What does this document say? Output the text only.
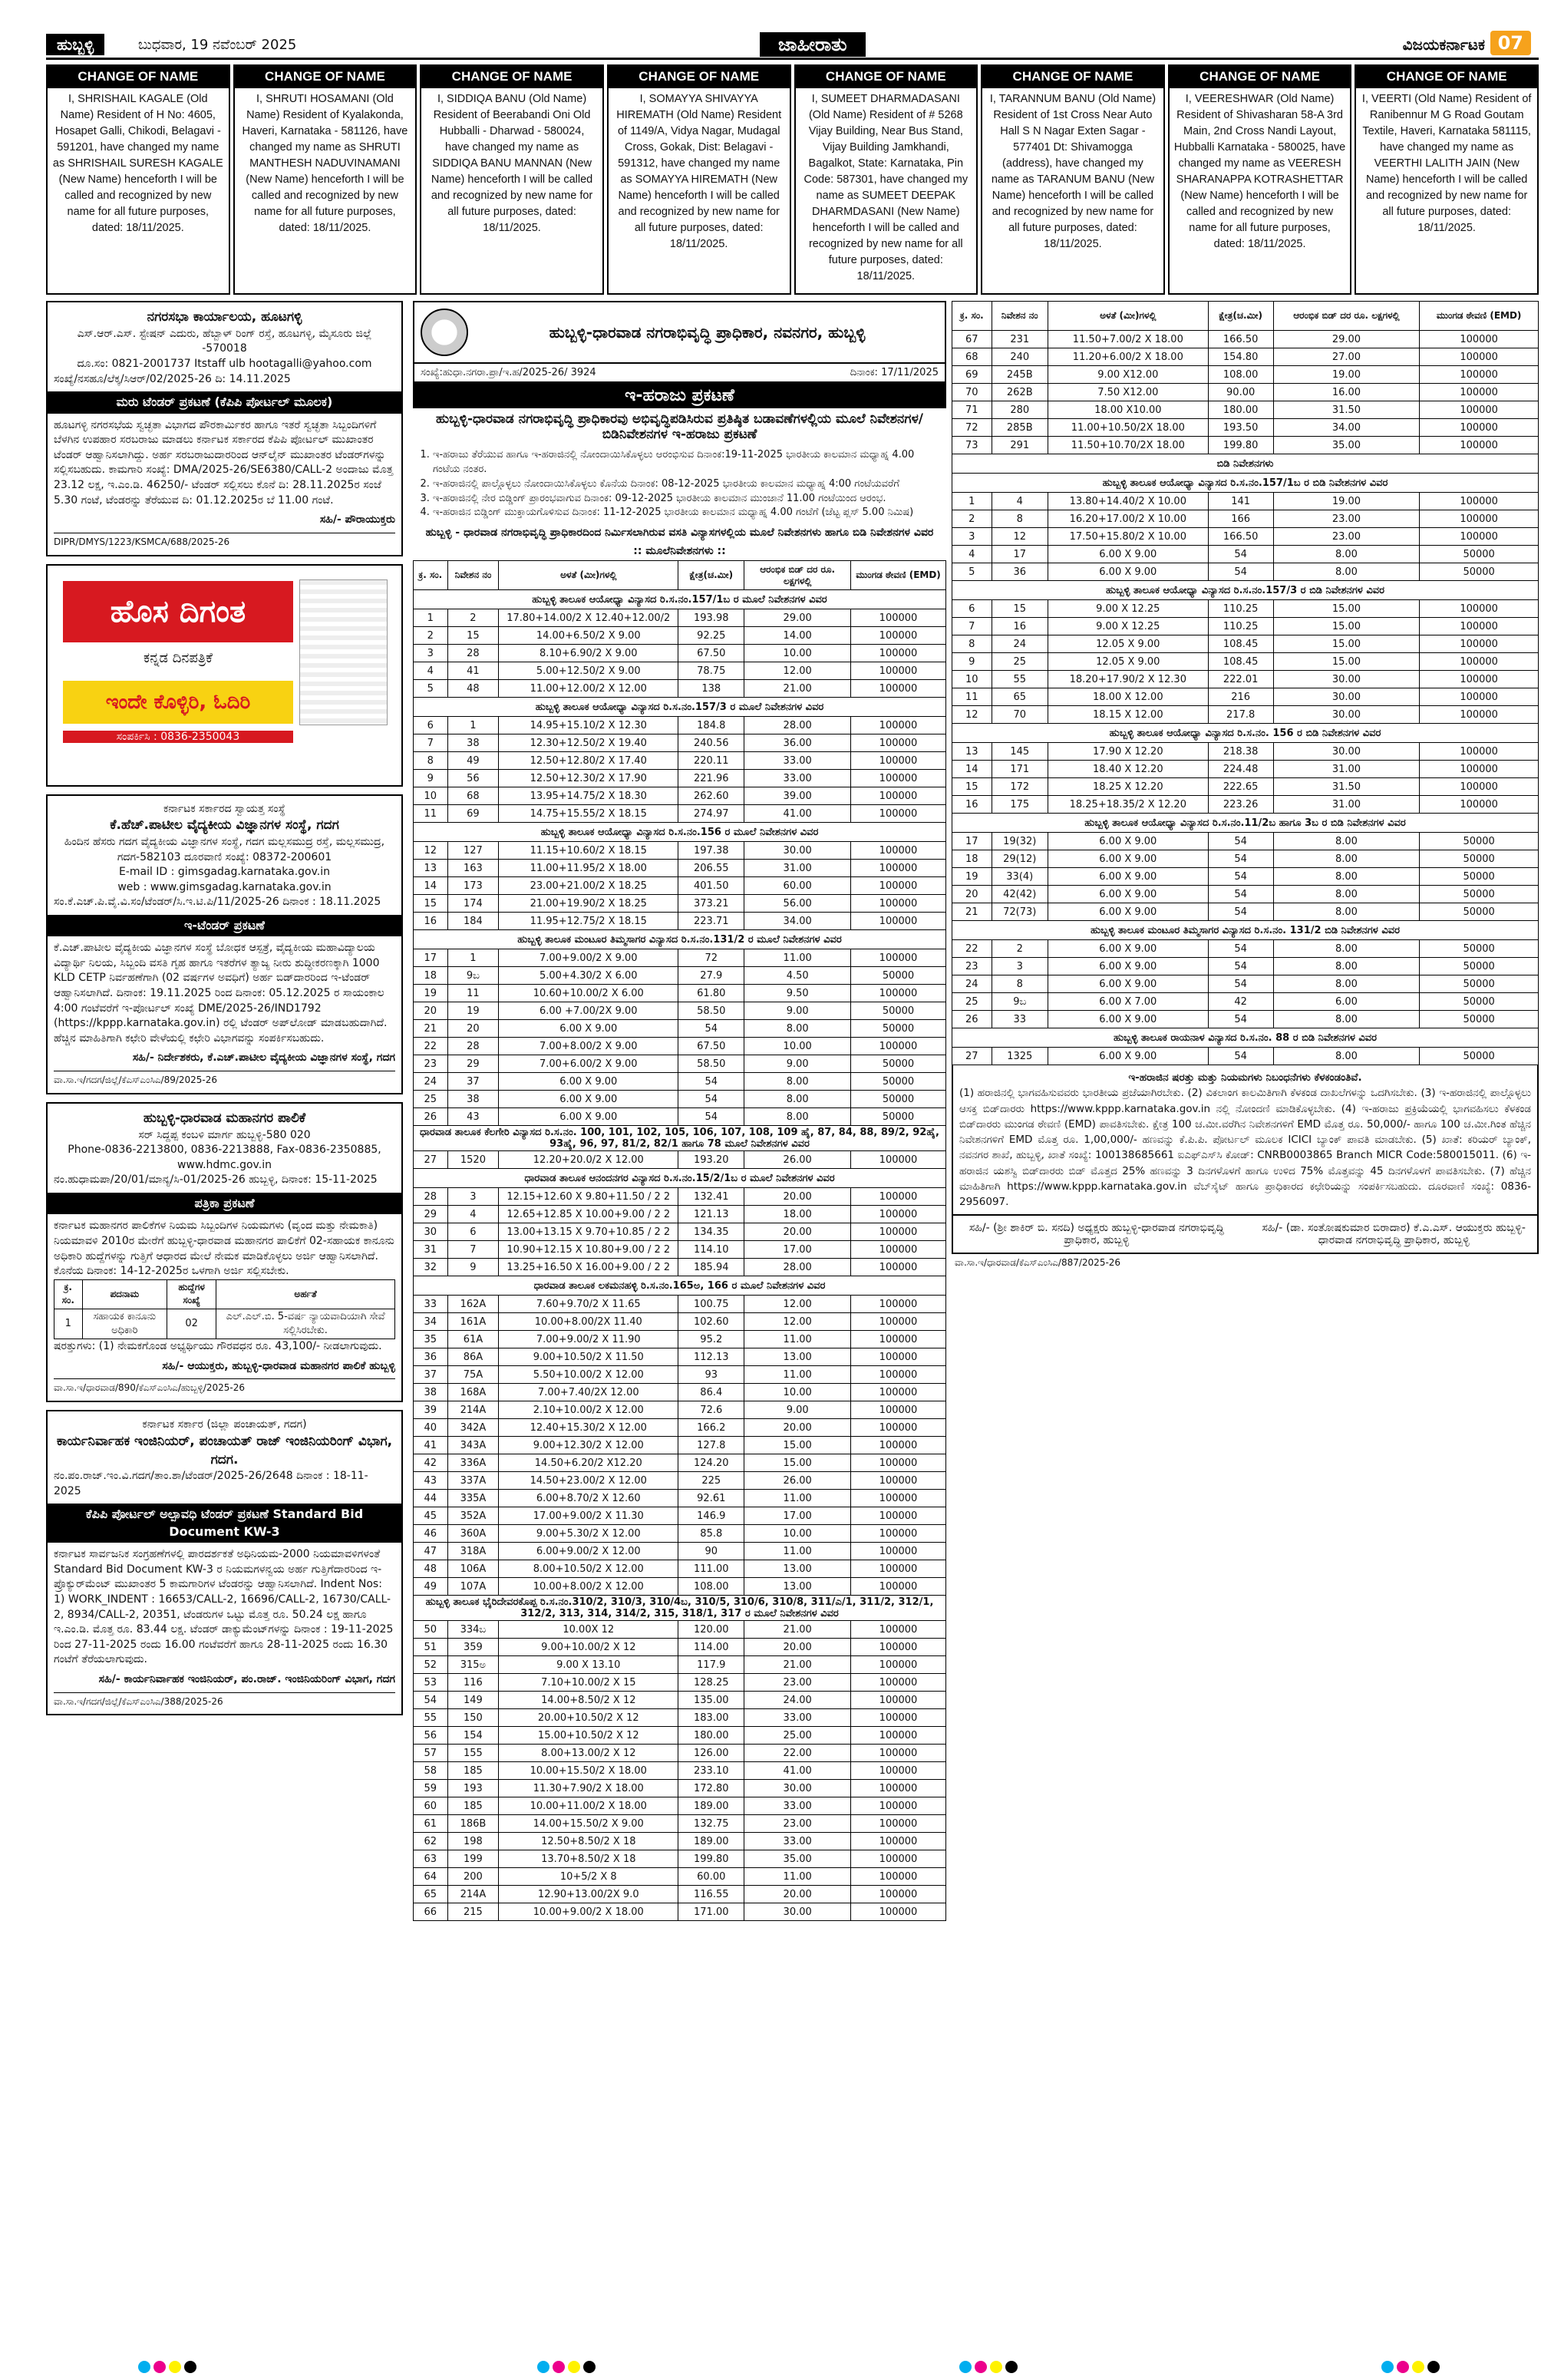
ಹುಬ್ಬಳ್ಳಿ	ಬುಧವಾರ, 19 ನವೆಂಬರ್ 2025	ಜಾಹೀರಾತು	ವಿಜಯಕರ್ನಾಟಕ 07
CHANGE OF NAME

I, SHRISHAIL KAGALE (Old Name) Resident of H No: 4605, Hosapet Galli, Chikodi, Belagavi - 591201, have changed my name as SHRISHAIL SURESH KAGALE (New Name) henceforth I will be called and recognized by new name for all future purposes, dated: 18/11/2025.

CHANGE OF NAME

I, SHRUTI HOSAMANI (Old Name) Resident of Kyalakonda, Haveri, Karnataka - 581126, have changed my name as SHRUTI MANTHESH NADUVINAMANI (New Name) henceforth I will be called and recognized by new name for all future purposes, dated: 18/11/2025.

CHANGE OF NAME

I, SIDDIQA BANU (Old Name) Resident of Beerabandi Oni Old Hubballi - Dharwad - 580024, have changed my name as SIDDIQA BANU MANNAN (New Name) henceforth I will be called and recognized by new name for all future purposes, dated: 18/11/2025.

CHANGE OF NAME

I, SOMAYYA SHIVAYYA HIREMATH (Old Name) Resident of 1149/A, Vidya Nagar, Mudagal Cross, Gokak, Dist: Belagavi - 591312, have changed my name as SOMAYYA HIREMATH (New Name) henceforth I will be called and recognized by new name for all future purposes, dated: 18/11/2025.

CHANGE OF NAME

I, SUMEET DHARMADASANI (Old Name) Resident of # 5268 Vijay Building, Near Bus Stand, Vijay Building Jamkhandi, Bagalkot, State: Karnataka, Pin Code: 587301, have changed my name as SUMEET DEEPAK DHARMDASANI (New Name) henceforth I will be called and recognized by new name for all future purposes, dated: 18/11/2025.

CHANGE OF NAME

I, TARANNUM BANU (Old Name) Resident of 1st Cross Near Auto Hall S N Nagar Exten Sagar - 577401 Dt: Shivamogga (address), have changed my name as TARANUM BANU (New Name) henceforth I will be called and recognized by new name for all future purposes, dated: 18/11/2025.

CHANGE OF NAME

I, VEERESHWAR (Old Name) Resident of Shivasharan 58-A 3rd Main, 2nd Cross Nandi Layout, Hubballi Karnataka - 580025, have changed my name as VEERESH SHARANAPPA KOTRASHETTAR (New Name) henceforth I will be called and recognized by new name for all future purposes, dated: 18/11/2025.

CHANGE OF NAME

I, VEERTI (Old Name) Resident of Ranibennur M G Road Goutam Textile, Haveri, Karnataka 581115, have changed my name as VEERTHI LALITH JAIN (New Name) henceforth I will be called and recognized by new name for all future purposes, dated: 18/11/2025.

ನಗರಸಭಾ ಕಾರ್ಯಾಲಯ, ಹೂಟಗಳ್ಳಿ

ಎಸ್.ಆರ್.ಎಸ್. ಸ್ಟೇಷನ್ ಎದುರು, ಹೆಬ್ಬಾಳ್ ರಿಂಗ್ ರಸ್ತೆ, ಹೂಟಗಳ್ಳಿ, ಮೈಸೂರು ಜಿಲ್ಲೆ -570018

ದೂ.ಸಂ: 0821-2001737 Itstaff ulb hootagalli@yahoo.com

ಸಂಖ್ಯೆ/ನಸಹೂ/ಲೆಕ್ಕ/ಸಿಆರ್/02/2025-26 ದಿ: 14.11.2025

ಮರು ಟೆಂಡರ್ ಪ್ರಕಟಣೆ (ಕೆಪಿಪಿ ಪೋರ್ಟಲ್ ಮೂಲಕ)

ಹೂಟಗಳ್ಳಿ ನಗರಸಭೆಯ ಸ್ವಚ್ಛತಾ ವಿಭಾಗದ ಪೌರಕಾರ್ಮಿಕರ ಹಾಗೂ ಇತರೆ ಸ್ವಚ್ಛತಾ ಸಿಬ್ಬಂದಿಗಳಿಗೆ ಬೆಳಗಿನ ಉಪಹಾರ ಸರಬರಾಜು ಮಾಡಲು ಕರ್ನಾಟಕ ಸರ್ಕಾರದ ಕೆಪಿಪಿ ಪೋರ್ಟಲ್ ಮುಖಾಂತರ ಟೆಂಡರ್ ಆಹ್ವಾನಿಸಲಾಗಿದ್ದು. ಅರ್ಹ ಸರಬರಾಜುದಾರರಿಂದ ಆನ್‌ಲೈನ್ ಮುಖಾಂತರ ಟೆಂಡರ್‌ಗಳನ್ನು ಸಲ್ಲಿಸಬಹುದು. ಕಾಮಗಾರಿ ಸಂಖ್ಯೆ: DMA/2025-26/SE6380/CALL-2 ಅಂದಾಜು ಮೊತ್ತ 23.12 ಲಕ್ಷ, ಇ.ಎಂ.ಡಿ. 46250/- ಟೆಂಡರ್ ಸಲ್ಲಿಸಲು ಕೊನೆ ದಿ: 28.11.2025ರ ಸಂಜೆ 5.30 ಗಂಟೆ, ಟೆಂಡರನ್ನು ತೆರೆಯುವ ದಿ: 01.12.2025ರ ಬೆ 11.00 ಗಂಟೆ.

ಸಹಿ/- ಪೌರಾಯುಕ್ತರು

DIPR/DMYS/1223/KSMCA/688/2025-26

ಹೊಸ ದಿಗಂತ
ಕನ್ನಡ ದಿನಪತ್ರಿಕೆ
ಇಂದೇ ಕೊಳ್ಳಿರಿ, ಓದಿರಿ
ಸಂಪರ್ಕಿಸಿ : 0836-2350043

ಕರ್ನಾಟಕ ಸರ್ಕಾರದ ಸ್ವಾಯತ್ತ ಸಂಸ್ಥೆ

ಕೆ.ಹೆಚ್.ಪಾಟೀಲ ವೈದ್ಯಕೀಯ ವಿಜ್ಞಾನಗಳ ಸಂಸ್ಥೆ, ಗದಗ

ಹಿಂದಿನ ಹೆಸರು ಗದಗ ವೈದ್ಯಕೀಯ ವಿಜ್ಞಾನಗಳ ಸಂಸ್ಥೆ, ಗದಗ ಮಲ್ಲಸಮುದ್ರ ರಸ್ತೆ, ಮಲ್ಲಸಮುದ್ರ, ಗದಗ-582103 ದೂರವಾಣಿ ಸಂಖ್ಯೆ: 08372-200601

E-mail ID : gimsgadag.karnataka.gov.in

web : www.gimsgadag.karnataka.gov.in

ಸಂ.ಕೆ.ಎಚ್.ಪಿ.ವೈ.ವಿ.ಸಂ/ಟೆಂಡರ್/ಸಿ.ಇ.ಟಿ.ಪಿ/11/2025-26 ದಿನಾಂಕ : 18.11.2025

ಇ-ಟೆಂಡರ್ ಪ್ರಕಟಣೆ

ಕೆ.ಎಚ್.ಪಾಟೀಲ ವೈದ್ಯಕೀಯ ವಿಜ್ಞಾನಗಳ ಸಂಸ್ಥೆ ಬೋಧಕ ಆಸ್ಪತ್ರೆ, ವೈದ್ಯಕೀಯ ಮಹಾವಿದ್ಯಾಲಯ ವಿದ್ಯಾರ್ಥಿ ನಿಲಯ, ಸಿಬ್ಬಂದಿ ವಸತಿ ಗೃಹ ಹಾಗೂ ಇತರೆಗಳ ತ್ಯಾಜ್ಯ ನೀರು ಶುದ್ಧೀಕರಣಕ್ಕಾಗಿ 1000 KLD CETP ನಿರ್ವಹಣೆಗಾಗಿ (02 ವರ್ಷಗಳ ಅವಧಿಗೆ) ಅರ್ಹ ಬಿಡ್‌ದಾರರಿಂದ ಇ-ಟೆಂಡರ್ ಆಹ್ವಾನಿಸಲಾಗಿದೆ. ದಿನಾಂಕ: 19.11.2025 ರಿಂದ ದಿನಾಂಕ: 05.12.2025 ರ ಸಾಯಂಕಾಲ 4:00 ಗಂಟೆವರೆಗೆ ಇ-ಪೋರ್ಟಲ್ ಸಂಖ್ಯೆ DME/2025-26/IND1792 (https://kppp.karnataka.gov.in) ರಲ್ಲಿ ಟೆಂಡರ್ ಅಪ್‌ಲೋಡ್ ಮಾಡಬಹುದಾಗಿದೆ. ಹೆಚ್ಚಿನ ಮಾಹಿತಿಗಾಗಿ ಕಛೇರಿ ವೇಳೆಯಲ್ಲಿ ಕಛೇರಿ ವಿಭಾಗವನ್ನು ಸಂಪರ್ಕಿಸಬಹುದು.

ಸಹಿ/- ನಿರ್ದೇಶಕರು, ಕೆ.ಎಚ್.ಪಾಟೀಲ ವೈದ್ಯಕೀಯ ವಿಜ್ಞಾನಗಳ ಸಂಸ್ಥೆ, ಗದಗ

ವಾ.ಸಾ.ಇ/ಗದಗ/ಜಿಲ್ಲೆ/ಕೆಎಸ್ಎಂಸಿಎ/89/2025-26

ಹುಬ್ಬಳ್ಳಿ-ಧಾರವಾಡ ಮಹಾನಗರ ಪಾಲಿಕೆ

ಸರ್ ಸಿದ್ದಪ್ಪ ಕಂಬಳಿ ಮಾರ್ಗ ಹುಬ್ಬಳ್ಳಿ-580 020

Phone-0836-2213800, 0836-2213888, Fax-0836-2350885, www.hdmc.gov.in

ನಂ.ಹುಧಾಮಪಾ/20/01/ಮಾನ್ಯ/ಸಿ-01/2025-26 ಹುಬ್ಬಳ್ಳಿ, ದಿನಾಂಕ: 15-11-2025

ಪತ್ರಿಕಾ ಪ್ರಕಟಣೆ

ಕರ್ನಾಟಕ ಮಹಾನಗರ ಪಾಲಿಕೆಗಳ ನಿಯಮ ಸಿಬ್ಬಂದಿಗಳ ನಿಯಮಗಳು (ವೃಂದ ಮತ್ತು ನೇಮಕಾತಿ) ನಿಯಮಾವಳಿ 2010ರ ಮೇರೆಗೆ ಹುಬ್ಬಳ್ಳಿ-ಧಾರವಾಡ ಮಹಾನಗರ ಪಾಲಿಕೆಗೆ 02-ಸಹಾಯಕ ಕಾನೂನು ಅಧಿಕಾರಿ ಹುದ್ದೆಗಳನ್ನು ಗುತ್ತಿಗೆ ಆಧಾರದ ಮೇಲೆ ನೇಮಕ ಮಾಡಿಕೊಳ್ಳಲು ಅರ್ಜಿ ಆಹ್ವಾನಿಸಲಾಗಿದೆ. ಕೊನೆಯ ದಿನಾಂಕ: 14-12-2025ರ ಒಳಗಾಗಿ ಅರ್ಜಿ ಸಲ್ಲಿಸಬೇಕು.

ಕ್ರ. ಸಂ.	ಪದನಾಮ	ಹುದ್ದೆಗಳ ಸಂಖ್ಯೆ	ಅರ್ಹತೆ
1	ಸಹಾಯಕ ಕಾನೂನು ಅಧಿಕಾರಿ	02	ಎಲ್.ಎಲ್.ಬಿ. 5-ವರ್ಷ ನ್ಯಾಯವಾದಿಯಾಗಿ ಸೇವೆ ಸಲ್ಲಿಸಿರಬೇಕು.

ಷರತ್ತುಗಳು: (1) ನೇಮಕಗೊಂಡ ಅಭ್ಯರ್ಥಿಯು ಗೌರವಧನ ರೂ. 43,100/- ನೀಡಲಾಗುವುದು.

ಸಹಿ/- ಆಯುಕ್ತರು, ಹುಬ್ಬಳ್ಳಿ-ಧಾರವಾಡ ಮಹಾನಗರ ಪಾಲಿಕೆ ಹುಬ್ಬಳ್ಳಿ

ವಾ.ಸಾ.ಇ/ಧಾರವಾಡ/890/ಕೆಎಸ್ಎಂಸಿಎ/ಹುಬ್ಬಳ್ಳಿ/2025-26

ಕರ್ನಾಟಕ ಸರ್ಕಾರ (ಜಿಲ್ಲಾ ಪಂಚಾಯತ್, ಗದಗ)

ಕಾರ್ಯನಿರ್ವಾಹಕ ಇಂಜಿನಿಯರ್, ಪಂಚಾಯತ್ ರಾಜ್ ಇಂಜಿನಿಯರಿಂಗ್ ವಿಭಾಗ, ಗದಗ.

ನಂ.ಪಂ.ರಾಜ್.ಇಂ.ವಿ.ಗದಗ/ತಾಂ.ಶಾ/ಟೆಂಡರ್/2025-26/2648 ದಿನಾಂಕ : 18-11-2025

ಕೆಪಿಪಿ ಪೋರ್ಟಲ್ ಅಲ್ಪಾವಧಿ ಟೆಂಡರ್ ಪ್ರಕಟಣೆ Standard Bid Document KW-3

ಕರ್ನಾಟಕ ಸಾರ್ವಜನಿಕ ಸಂಗ್ರಹಣೆಗಳಲ್ಲಿ ಪಾರದರ್ಶಕತೆ ಅಧಿನಿಯಮ-2000 ನಿಯಮಾವಳಿಗಳಂತೆ Standard Bid Document KW-3 ರ ನಿಯಮಗಳನ್ವಯ ಅರ್ಹ ಗುತ್ತಿಗೆದಾರರಿಂದ ಇ-ಪ್ರೊಕ್ಯುರ್‌ಮೆಂಟ್ ಮುಖಾಂತರ 5 ಕಾಮಗಾರಿಗಳ ಟೆಂಡರನ್ನು ಆಹ್ವಾನಿಸಲಾಗಿದೆ. Indent Nos: 1) WORK_INDENT : 16653/CALL-2, 16696/CALL-2, 16730/CALL-2, 8934/CALL-2, 20351, ಟೆಂಡರುಗಳ ಒಟ್ಟು ಮೊತ್ತ ರೂ. 50.24 ಲಕ್ಷ ಹಾಗೂ ಇ.ಎಂ.ಡಿ. ಮೊತ್ತ ರೂ. 83.44 ಲಕ್ಷ. ಟೆಂಡರ್ ಡಾಕ್ಯುಮೆಂಟ್‌ಗಳನ್ನು ದಿನಾಂಕ : 19-11-2025 ರಿಂದ 27-11-2025 ರಂದು 16.00 ಗಂಟೆವರೆಗೆ ಹಾಗೂ 28-11-2025 ರಂದು 16.30 ಗಂಟೆಗೆ ತೆರೆಯಲಾಗುವುದು.

ಸಹಿ/- ಕಾರ್ಯನಿರ್ವಾಹಕ ಇಂಜಿನಿಯರ್, ಪಂ.ರಾಜ್. ಇಂಜಿನಿಯರಿಂಗ್ ವಿಭಾಗ, ಗದಗ

ವಾ.ಸಾ.ಇ/ಗದಗ/ಜಿಲ್ಲೆ/ಕೆಎಸ್ಎಂಸಿಎ/388/2025-26

ಹುಬ್ಬಳ್ಳಿ-ಧಾರವಾಡ ನಗರಾಭಿವೃದ್ಧಿ ಪ್ರಾಧಿಕಾರ, ನವನಗರ, ಹುಬ್ಬಳ್ಳಿ
ಸಂಖ್ಯೆ:ಹುಧಾ.ನಗರಾ.ಪ್ರಾ/ಇ.ಹ/2025-26/ 3924	ದಿನಾಂಕ: 17/11/2025
ಇ-ಹರಾಜು ಪ್ರಕಟಣೆ
ಹುಬ್ಬಳ್ಳಿ-ಧಾರವಾಡ ನಗರಾಭಿವೃದ್ಧಿ ಪ್ರಾಧಿಕಾರವು ಅಭಿವೃದ್ಧಿಪಡಿಸಿರುವ ಪ್ರತಿಷ್ಠಿತ ಬಡಾವಣೆಗಳಲ್ಲಿಯ ಮೂಲೆ ನಿವೇಶನಗಳ/ಬಿಡಿನಿವೇಶನಗಳ ಇ-ಹರಾಜು ಪ್ರಕಟಣೆ
1. ಇ-ಹರಾಜು ತೆರೆಯುವ ಹಾಗೂ ಇ-ಹರಾಜಿನಲ್ಲಿ ನೋಂದಾಯಿಸಿಕೊಳ್ಳಲು ಆರಂಭಿಸುವ ದಿನಾಂಕ:19-11-2025 ಭಾರತೀಯ ಕಾಲಮಾನ ಮಧ್ಯಾಹ್ನ 4.00 ಗಂಟೆಯ ನಂತರ.
2. ಇ-ಹರಾಜಿನಲ್ಲಿ ಪಾಲ್ಗೊಳ್ಳಲು ನೋಂದಾಯಿಸಿಕೊಳ್ಳಲು ಕೊನೆಯ ದಿನಾಂಕ: 08-12-2025 ಭಾರತೀಯ ಕಾಲಮಾನ ಮಧ್ಯಾಹ್ನ 4:00 ಗಂಟೆಯವರೆಗೆ
3. ಇ-ಹರಾಜಿನಲ್ಲಿ ನೇರ ಬಿಡ್ಡಿಂಗ್ ಪ್ರಾರಂಭವಾಗುವ ದಿನಾಂಕ: 09-12-2025 ಭಾರತೀಯ ಕಾಲಮಾನ ಮುಂಜಾನೆ 11.00 ಗಂಟೆಯಿಂದ ಆರಂಭ.
4. ಇ-ಹರಾಜಿನ ಬಿಡ್ಡಿಂಗ್ ಮುಕ್ತಾಯಗೊಳಿಸುವ ದಿನಾಂಕ: 11-12-2025 ಭಾರತೀಯ ಕಾಲಮಾನ ಮಧ್ಯಾಹ್ನ 4.00 ಗಂಟೆಗೆ (ಜೆಟ್ಟ ಪ್ಲಸ್ 5.00 ನಿಮಿಷ)
ಹುಬ್ಬಳ್ಳಿ - ಧಾರವಾಡ ನಗರಾಭಿವೃದ್ಧಿ ಪ್ರಾಧಿಕಾರದಿಂದ ನಿರ್ಮಿಸಲಾಗಿರುವ ವಸತಿ ವಿನ್ಯಾಸಗಳಲ್ಲಿಯ ಮೂಲೆ ನಿವೇಶನಗಳು ಹಾಗೂ ಬಿಡಿ ನಿವೇಶನಗಳ ವಿವರ
:: ಮೂಲೆನಿವೇಶನಗಳು ::
ಕ್ರ. ಸಂ.	ನಿವೇಶನ ನಂ	ಅಳತೆ (ಮೀ)ಗಳಲ್ಲಿ	ಕ್ಷೇತ್ರ(ಚ.ಮೀ)	ಆರಂಭಿಕ ಬಿಡ್ ದರ ರೂ. ಲಕ್ಷಗಳಲ್ಲಿ	ಮುಂಗಡ ಠೇವಣಿ (EMD)
ಹುಬ್ಬಳ್ಳಿ ತಾಲೂಕ ಆಯೋಧ್ಯಾ ವಿನ್ಯಾಸದ ರಿ.ಸ.ನಂ.157/1ಬ ರ ಮೂಲೆ ನಿವೇಶನಗಳ ವಿವರ					
1	2	17.80+14.00/2 X 12.40+12.00/2	193.98	29.00	100000
2	15	14.00+6.50/2 X 9.00	92.25	14.00	100000
3	28	8.10+6.90/2 X 9.00	67.50	10.00	100000
4	41	5.00+12.50/2 X 9.00	78.75	12.00	100000
5	48	11.00+12.00/2 X 12.00	138	21.00	100000
ಹುಬ್ಬಳ್ಳಿ ತಾಲೂಕ ಆಯೋಧ್ಯಾ ವಿನ್ಯಾಸದ ರಿ.ಸ.ನಂ.157/3 ರ ಮೂಲೆ ನಿವೇಶನಗಳ ವಿವರ					
6	1	14.95+15.10/2 X 12.30	184.8	28.00	100000
7	38	12.30+12.50/2 X 19.40	240.56	36.00	100000
8	49	12.50+12.80/2 X 17.40	220.11	33.00	100000
9	56	12.50+12.30/2 X 17.90	221.96	33.00	100000
10	68	13.95+14.75/2 X 18.30	262.60	39.00	100000
11	69	14.75+15.55/2 X 18.15	274.97	41.00	100000
ಹುಬ್ಬಳ್ಳಿ ತಾಲೂಕ ಆಯೋಧ್ಯಾ ವಿನ್ಯಾಸದ ರಿ.ಸ.ನಂ.156 ರ ಮೂಲೆ ನಿವೇಶನಗಳ ವಿವರ					
12	127	11.15+10.60/2 X 18.15	197.38	30.00	100000
13	163	11.00+11.95/2 X 18.00	206.55	31.00	100000
14	173	23.00+21.00/2 X 18.25	401.50	60.00	100000
15	174	21.00+19.90/2 X 18.25	373.21	56.00	100000
16	184	11.95+12.75/2 X 18.15	223.71	34.00	100000
ಹುಬ್ಬಳ್ಳಿ ತಾಲೂಕ ಮಂಟೂರ ತಿಮ್ಮಸಾಗರ ವಿನ್ಯಾಸದ ರಿ.ಸ.ನಂ.131/2 ರ ಮೂಲೆ ನಿವೇಶನಗಳ ವಿವರ					
17	1	7.00+9.00/2 X 9.00	72	11.00	100000
18	9ಬ	5.00+4.30/2 X 6.00	27.9	4.50	50000
19	11	10.60+10.00/2 X 6.00	61.80	9.50	100000
20	19	6.00 +7.00/2X 9.00	58.50	9.00	50000
21	20	6.00 X 9.00	54	8.00	50000
22	28	7.00+8.00/2 X 9.00	67.50	10.00	100000
23	29	7.00+6.00/2 X 9.00	58.50	9.00	50000
24	37	6.00 X 9.00	54	8.00	50000
25	38	6.00 X 9.00	54	8.00	50000
26	43	6.00 X 9.00	54	8.00	50000
ಧಾರವಾಡ ತಾಲೂಕ ಕೆಲಗೇರಿ ವಿನ್ಯಾಸದ ರಿ.ಸ.ನಂ. 100, 101, 102, 105, 106, 107, 108, 109 ಹೈ, 87, 84, 88, 89/2, 92ಹೈ, 93ಹೈ, 96, 97, 81/2, 82/1 ಹಾಗೂ 78 ಮೂಲೆ ನಿವೇಶನಗಳ ವಿವರ					
27	1520	12.20+20.0/2 X 12.00	193.20	26.00	100000
ಧಾರವಾಡ ತಾಲೂಕ ಆನಂದನಗರ ವಿನ್ಯಾಸದ ರಿ.ಸ.ನಂ.15/2/1ಬ ರ ಮೂಲೆ ನಿವೇಶನಗಳ ವಿವರ					
28	3	12.15+12.60 X 9.80+11.50 / 2 2	132.41	20.00	100000
29	4	12.65+12.85 X 10.00+9.00 / 2 2	121.13	18.00	100000
30	6	13.00+13.15 X 9.70+10.85 / 2 2	134.35	20.00	100000
31	7	10.90+12.15 X 10.80+9.00 / 2 2	114.10	17.00	100000
32	9	13.25+16.50 X 16.00+9.00 / 2 2	185.94	28.00	100000
ಧಾರವಾಡ ತಾಲೂಕ ಲಕಮನಹಳ್ಳಿ ರಿ.ಸ.ನಂ.165ಅ, 166 ರ ಮೂಲೆ ನಿವೇಶನಗಳ ವಿವರ					
33	162A	7.60+9.70/2 X 11.65	100.75	12.00	100000
34	161A	10.00+8.00/2X 11.40	102.60	12.00	100000
35	61A	7.00+9.00/2 X 11.90	95.2	11.00	100000
36	86A	9.00+10.50/2 X 11.50	112.13	13.00	100000
37	75A	5.50+10.00/2 X 12.00	93	11.00	100000
38	168A	7.00+7.40/2X 12.00	86.4	10.00	100000
39	214A	2.10+10.00/2 X 12.00	72.6	9.00	100000
40	342A	12.40+15.30/2 X 12.00	166.2	20.00	100000
41	343A	9.00+12.30/2 X 12.00	127.8	15.00	100000
42	336A	14.50+6.20/2 X12.20	124.20	15.00	100000
43	337A	14.50+23.00/2 X 12.00	225	26.00	100000
44	335A	6.00+8.70/2 X 12.60	92.61	11.00	100000
45	352A	17.00+9.00/2 X 11.30	146.9	17.00	100000
46	360A	9.00+5.30/2 X 12.00	85.8	10.00	100000
47	318A	6.00+9.00/2 X 12.00	90	11.00	100000
48	106A	8.00+10.50/2 X 12.00	111.00	13.00	100000
49	107A	10.00+8.00/2 X 12.00	108.00	13.00	100000
ಹುಬ್ಬಳ್ಳಿ ತಾಲೂಕ ಭೈರಿದೇವರಕೊಪ್ಪ ರಿ.ಸ.ನಂ.310/2, 310/3, 310/4ಬ, 310/5, 310/6, 310/8, 311/ಎ/1, 311/2, 312/1, 312/2, 313, 314, 314/2, 315, 318/1, 317 ರ ಮೂಲೆ ನಿವೇಶನಗಳ ವಿವರ					
50	334ಬ	10.00X 12	120.00	21.00	100000
51	359	9.00+10.00/2 X 12	114.00	20.00	100000
52	315ಅ	9.00 X 13.10	117.9	21.00	100000
53	116	7.10+10.00/2 X 15	128.25	23.00	100000
54	149	14.00+8.50/2 X 12	135.00	24.00	100000
55	150	20.00+10.50/2 X 12	183.00	33.00	100000
56	154	15.00+10.50/2 X 12	180.00	25.00	100000
57	155	8.00+13.00/2 X 12	126.00	22.00	100000
58	185	10.00+15.50/2 X 18.00	233.10	41.00	100000
59	193	11.30+7.90/2 X 18.00	172.80	30.00	100000
60	185	10.00+11.00/2 X 18.00	189.00	33.00	100000
61	186B	14.00+15.50/2 X 9.00	132.75	23.00	100000
62	198	12.50+8.50/2 X 18	189.00	33.00	100000
63	199	13.70+8.50/2 X 18	199.80	35.00	100000
64	200	10+5/2 X 8	60.00	11.00	100000
65	214A	12.90+13.00/2X 9.0	116.55	20.00	100000
66	215	10.00+9.00/2 X 18.00	171.00	30.00	100000
ಕ್ರ. ಸಂ.	ನಿವೇಶನ ನಂ	ಅಳತೆ (ಮೀ)ಗಳಲ್ಲಿ	ಕ್ಷೇತ್ರ(ಚ.ಮೀ)	ಆರಂಭಿಕ ಬಿಡ್ ದರ ರೂ. ಲಕ್ಷಗಳಲ್ಲಿ	ಮುಂಗಡ ಠೇವಣಿ (EMD)
67	231	11.50+7.00/2 X 18.00	166.50	29.00	100000
68	240	11.20+6.00/2 X 18.00	154.80	27.00	100000
69	245B	9.00 X12.00	108.00	19.00	100000
70	262B	7.50 X12.00	90.00	16.00	100000
71	280	18.00 X10.00	180.00	31.50	100000
72	285B	11.00+10.50/2X 18.00	193.50	34.00	100000
73	291	11.50+10.70/2X 18.00	199.80	35.00	100000
ಬಿಡಿ ನಿವೇಶನಗಳು					
ಹುಬ್ಬಳ್ಳಿ ತಾಲೂಕ ಆಯೋಧ್ಯಾ ವಿನ್ಯಾಸದ ರಿ.ಸ.ನಂ.157/1ಬ ರ ಬಿಡಿ ನಿವೇಶನಗಳ ವಿವರ					
1	4	13.80+14.40/2 X 10.00	141	19.00	100000
2	8	16.20+17.00/2 X 10.00	166	23.00	100000
3	12	17.50+15.80/2 X 10.00	166.50	23.00	100000
4	17	6.00 X 9.00	54	8.00	50000
5	36	6.00 X 9.00	54	8.00	50000
ಹುಬ್ಬಳ್ಳಿ ತಾಲೂಕ ಆಯೋಧ್ಯಾ ವಿನ್ಯಾಸದ ರಿ.ಸ.ನಂ.157/3 ರ ಬಿಡಿ ನಿವೇಶನಗಳ ವಿವರ					
6	15	9.00 X 12.25	110.25	15.00	100000
7	16	9.00 X 12.25	110.25	15.00	100000
8	24	12.05 X 9.00	108.45	15.00	100000
9	25	12.05 X 9.00	108.45	15.00	100000
10	55	18.20+17.90/2 X 12.30	222.01	30.00	100000
11	65	18.00 X 12.00	216	30.00	100000
12	70	18.15 X 12.00	217.8	30.00	100000
ಹುಬ್ಬಳ್ಳಿ ತಾಲೂಕ ಆಯೋಧ್ಯಾ ವಿನ್ಯಾಸದ ರಿ.ಸ.ನಂ. 156 ರ ಬಿಡಿ ನಿವೇಶನಗಳ ವಿವರ					
13	145	17.90 X 12.20	218.38	30.00	100000
14	171	18.40 X 12.20	224.48	31.00	100000
15	172	18.25 X 12.20	222.65	31.50	100000
16	175	18.25+18.35/2 X 12.20	223.26	31.00	100000
ಹುಬ್ಬಳ್ಳಿ ತಾಲೂಕ ಆಯೋಧ್ಯಾ ವಿನ್ಯಾಸದ ರಿ.ಸ.ನಂ.11/2ಬ ಹಾಗೂ 3ಬ ರ ಬಿಡಿ ನಿವೇಶನಗಳ ವಿವರ					
17	19(32)	6.00 X 9.00	54	8.00	50000
18	29(12)	6.00 X 9.00	54	8.00	50000
19	33(4)	6.00 X 9.00	54	8.00	50000
20	42(42)	6.00 X 9.00	54	8.00	50000
21	72(73)	6.00 X 9.00	54	8.00	50000
ಹುಬ್ಬಳ್ಳಿ ತಾಲೂಕ ಮಂಟೂರ ತಿಮ್ಮಸಾಗರ ವಿನ್ಯಾಸದ ರಿ.ಸ.ನಂ. 131/2 ಬಿಡಿ ನಿವೇಶನಗಳ ವಿವರ					
22	2	6.00 X 9.00	54	8.00	50000
23	3	6.00 X 9.00	54	8.00	50000
24	8	6.00 X 9.00	54	8.00	50000
25	9ಬ	6.00 X 7.00	42	6.00	50000
26	33	6.00 X 9.00	54	8.00	50000
ಹುಬ್ಬಳ್ಳಿ ತಾಲೂಕ ರಾಯನಾಳ ವಿನ್ಯಾಸದ ರಿ.ಸ.ನಂ. 88 ರ ಬಿಡಿ ನಿವೇಶನಗಳ ವಿವರ					
27	1325	6.00 X 9.00	54	8.00	50000

ಇ-ಹರಾಜಿನ ಷರತ್ತು ಮತ್ತು ನಿಯಮಗಳು ನಿಬಂಧನೆಗಳು ಕೆಳಕಂಡಂತಿವೆ.

(1) ಹರಾಜಿನಲ್ಲಿ ಭಾಗವಹಿಸುವವರು ಭಾರತೀಯ ಪ್ರಜೆಯಾಗಿರಬೇಕು. (2) ವಿಕಲಾಂಗ ಕಾಲಮಿತಿಗಾಗಿ ಕೆಳಕಂಡ ದಾಖಲೆಗಳನ್ನು ಒದಗಿಸಬೇಕು. (3) ಇ-ಹರಾಜಿನಲ್ಲಿ ಪಾಲ್ಗೊಳ್ಳಲು ಆಸಕ್ತ ಬಿಡ್‌ದಾರರು https://www.kppp.karnataka.gov.in ನಲ್ಲಿ ನೋಂದಣಿ ಮಾಡಿಕೊಳ್ಳಬೇಕು. (4) ಇ-ಹರಾಜು ಪ್ರಕ್ರಿಯೆಯಲ್ಲಿ ಭಾಗವಹಿಸಲು ಕೆಳಕಂಡ ಬಿಡ್‌ದಾರರು ಮುಂಗಡ ಠೇವಣಿ (EMD) ಪಾವತಿಸಬೇಕು. ಕ್ಷೇತ್ರ 100 ಚ.ಮೀ.ವರೆಗಿನ ನಿವೇಶನಗಳಿಗೆ EMD ಮೊತ್ತ ರೂ. 50,000/- ಹಾಗೂ 100 ಚ.ಮೀ.ಗಿಂತ ಹೆಚ್ಚಿನ ನಿವೇಶನಗಳಿಗೆ EMD ಮೊತ್ತ ರೂ. 1,00,000/- ಹಣವನ್ನು ಕೆ.ಪಿ.ಪಿ. ಪೋರ್ಟಲ್ ಮೂಲಕ ICICI ಬ್ಯಾಂಕ್ ಪಾವತಿ ಮಾಡಬೇಕು. (5) ಖಾತೆ: ಕರಿಯರ್ ಬ್ಯಾಂಕ್, ನವನಗರ ಶಾಖೆ, ಹುಬ್ಬಳ್ಳಿ, ಖಾತೆ ಸಂಖ್ಯೆ: 100138685661 ಐಎಫ್‌ಎಸ್‌ಸಿ ಕೋಡ್: CNRB0003865 Branch MICR Code:580015011. (6) ಇ-ಹರಾಜಿನ ಯಶಸ್ವಿ ಬಿಡ್‌ದಾರರು ಬಿಡ್ ಮೊತ್ತದ 25% ಹಣವನ್ನು 3 ದಿನಗಳೊಳಗೆ ಹಾಗೂ ಉಳಿದ 75% ಮೊತ್ತವನ್ನು 45 ದಿನಗಳೊಳಗೆ ಪಾವತಿಸಬೇಕು. (7) ಹೆಚ್ಚಿನ ಮಾಹಿತಿಗಾಗಿ https://www.kppp.karnataka.gov.in ವೆಬ್‌ಸೈಟ್ ಹಾಗೂ ಪ್ರಾಧಿಕಾರದ ಕಛೇರಿಯನ್ನು ಸಂಪರ್ಕಿಸಬಹುದು. ದೂರವಾಣಿ ಸಂಖ್ಯೆ: 0836-2956097.

ಸಹಿ/- (ಶ್ರೀ ಶಾಕಿರ್ ಬಿ. ಸನದಿ) ಅಧ್ಯಕ್ಷರು ಹುಬ್ಬಳ್ಳಿ-ಧಾರವಾಡ ನಗರಾಭಿವೃದ್ಧಿ ಪ್ರಾಧಿಕಾರ, ಹುಬ್ಬಳ್ಳಿ
ಸಹಿ/- (ಡಾ. ಸಂತೋಷಕುಮಾರ ಬಿರಾದಾರ) ಕೆ.ಎ.ಎಸ್. ಆಯುಕ್ತರು ಹುಬ್ಬಳ್ಳಿ-ಧಾರವಾಡ ನಗರಾಭಿವೃದ್ಧಿ ಪ್ರಾಧಿಕಾರ, ಹುಬ್ಬಳ್ಳಿ

ವಾ.ಸಾ.ಇ/ಧಾರವಾಡ/ಕೆಎಸ್ಎಂಸಿಎ/887/2025-26
